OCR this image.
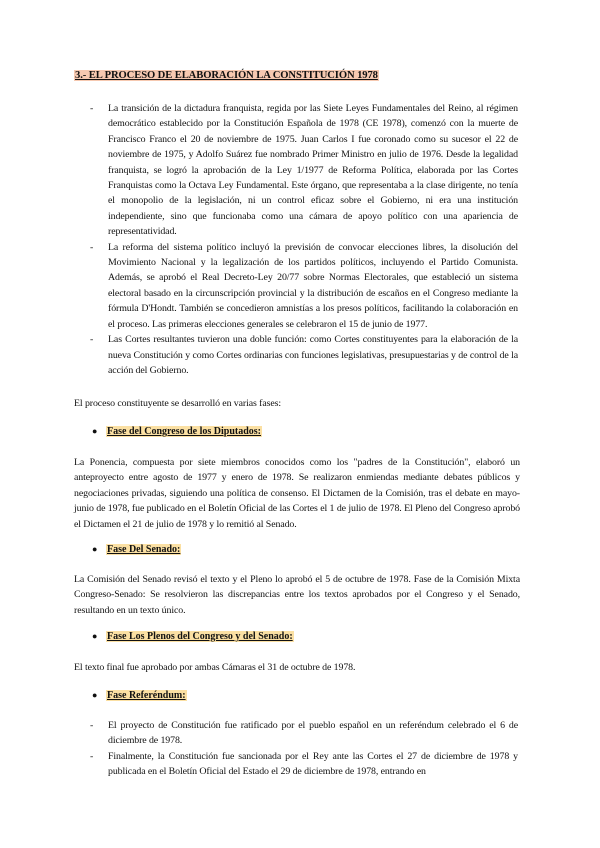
3.- EL PROCESO DE ELABORACIÓN LA CONSTITUCIÓN 1978
- La transición de la dictadura franquista, regida por las Siete Leyes Fundamentales del Reino, al régimen democrático establecido por la Constitución Española de 1978 (CE 1978), comenzó con la muerte de Francisco Franco el 20 de noviembre de 1975. Juan Carlos I fue coronado como su sucesor el 22 de noviembre de 1975, y Adolfo Suárez fue nombrado Primer Ministro en julio de 1976. Desde la legalidad franquista, se logró la aprobación de la Ley 1/1977 de Reforma Política, elaborada por las Cortes Franquistas como la Octava Ley Fundamental. Este órgano, que representaba a la clase dirigente, no tenía el monopolio de la legislación, ni un control eficaz sobre el Gobierno, ni era una institución independiente, sino que funcionaba como una cámara de apoyo político con una apariencia de representatividad.
- La reforma del sistema político incluyó la previsión de convocar elecciones libres, la disolución del Movimiento Nacional y la legalización de los partidos políticos, incluyendo el Partido Comunista. Además, se aprobó el Real Decreto-Ley 20/77 sobre Normas Electorales, que estableció un sistema electoral basado en la circunscripción provincial y la distribución de escaños en el Congreso mediante la fórmula D'Hondt. También se concedieron amnistías a los presos políticos, facilitando la colaboración en el proceso. Las primeras elecciones generales se celebraron el 15 de junio de 1977.
- Las Cortes resultantes tuvieron una doble función: como Cortes constituyentes para la elaboración de la nueva Constitución y como Cortes ordinarias con funciones legislativas, presupuestarias y de control de la acción del Gobierno.

El proceso constituyente se desarrolló en varias fases:

● Fase del Congreso de los Diputados:

La Ponencia, compuesta por siete miembros conocidos como los "padres de la Constitución", elaboró un anteproyecto entre agosto de 1977 y enero de 1978. Se realizaron enmiendas mediante debates públicos y negociaciones privadas, siguiendo una política de consenso. El Dictamen de la Comisión, tras el debate en mayo-junio de 1978, fue publicado en el Boletín Oficial de las Cortes el 1 de julio de 1978. El Pleno del Congreso aprobó el Dictamen el 21 de julio de 1978 y lo remitió al Senado.

● Fase Del Senado:

La Comisión del Senado revisó el texto y el Pleno lo aprobó el 5 de octubre de 1978. Fase de la Comisión Mixta Congreso-Senado: Se resolvieron las discrepancias entre los textos aprobados por el Congreso y el Senado, resultando en un texto único.

● Fase Los Plenos del Congreso y del Senado:

El texto final fue aprobado por ambas Cámaras el 31 de octubre de 1978.

● Fase Referéndum:
- El proyecto de Constitución fue ratificado por el pueblo español en un referéndum celebrado el 6 de diciembre de 1978.
- Finalmente, la Constitución fue sancionada por el Rey ante las Cortes el 27 de diciembre de 1978 y publicada en el Boletín Oficial del Estado el 29 de diciembre de 1978, entrando en
